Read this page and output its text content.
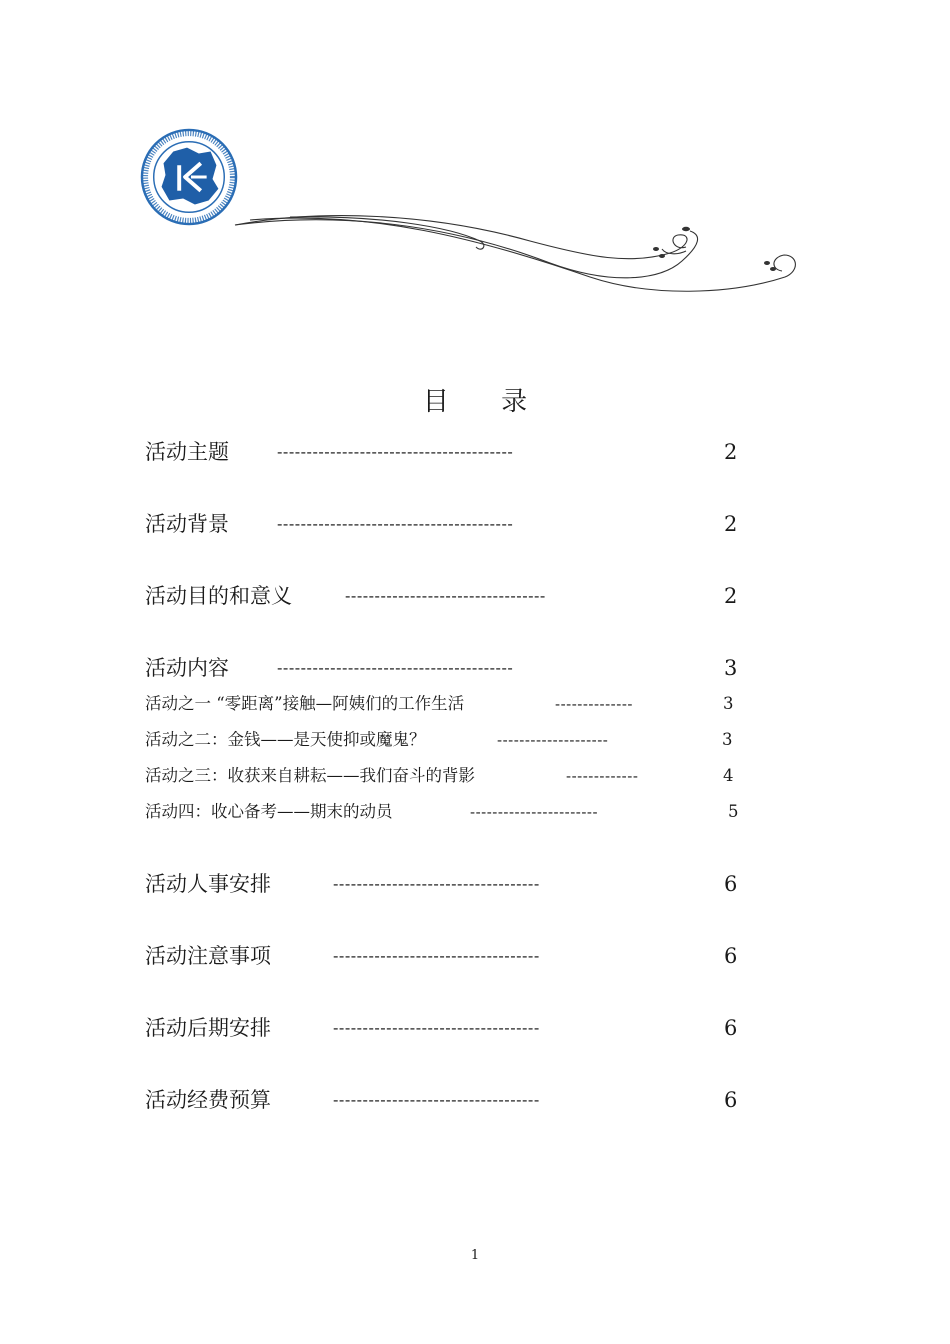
目 录
活动主题	----------------------------------------	2
活动背景	----------------------------------------	2
活动目的和意义	----------------------------------	2
活动内容	----------------------------------------	3
活动之一 “零距离”接触—阿姨们的工作生活	--------------	3
活动之二：金钱——是天使抑或魔鬼？	--------------------	3
活动之三：收获来自耕耘——我们奋斗的背影	-------------	4
活动四：收心备考——期末的动员	-----------------------	5
活动人事安排	-----------------------------------	6
活动注意事项	-----------------------------------	6
活动后期安排	-----------------------------------	6
活动经费预算	-----------------------------------	6
1
